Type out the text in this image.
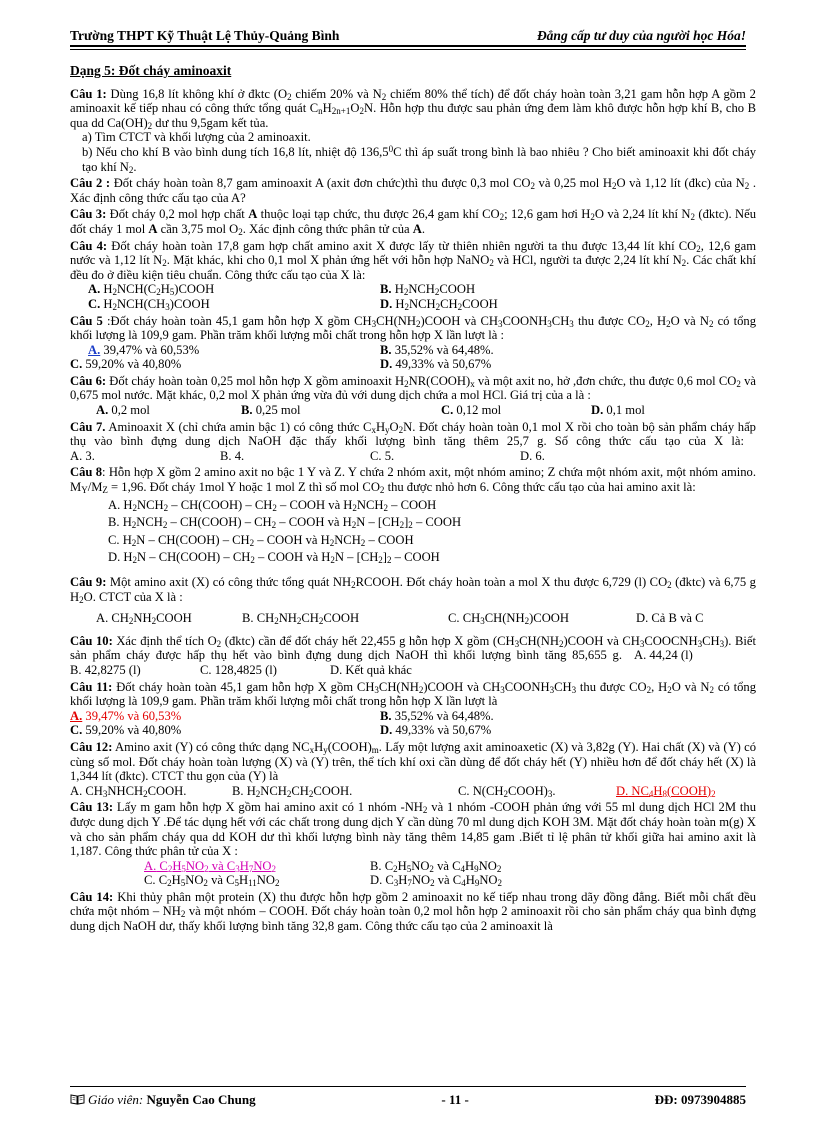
Trường THPT Kỹ Thuật Lệ Thủy-Quảng Bình	Đẳng cấp tư duy của người học Hóa!

Dạng 5: Đốt cháy aminoaxit

Câu 1: Dùng 16,8 lít không khí ở đktc ($O_2$ chiếm 20% và $N_2$ chiếm 80% thể tích) để đốt cháy hoàn toàn 3,21 gam hỗn hợp A gồm 2 aminoaxit kế tiếp nhau có công thức tổng quát $C_nH_{2n+1}O_2N$. Hỗn hợp thu được sau phản ứng đem làm khô được hỗn hợp khí B, cho B qua dd $Ca(OH)_2$ dư thu 9,5gam kết tủa.

a) Tìm CTCT và khối lượng của 2 aminoaxit.

b) Nếu cho khí B vào bình dung tích 16,8 lít, nhiệt độ 136,5$^0$C thì áp suất trong bình là bao nhiêu ? Cho biết aminoaxit khi đốt cháy tạo khí $N_2$.

Câu 2 : Đốt cháy hoàn toàn 8,7 gam aminoaxit A (axit đơn chức)thì thu được 0,3 mol $CO_2$ và 0,25 mol $H_2O$ và 1,12 lít (đkc) của $N_2$ . Xác định công thức cấu tạo của A?

Câu 3: Đốt cháy 0,2 mol hợp chất A thuộc loại tạp chức, thu được 26,4 gam khí $CO_2$; 12,6 gam hơi $H_2O$ và 2,24 lít khí $N_2$ (đktc). Nếu đốt cháy 1 mol A cần 3,75 mol $O_2$. Xác định công thức phân tử của A.

Câu 4: Đốt cháy hoàn toàn 17,8 gam hợp chất amino axit X được lấy từ thiên nhiên người ta thu được 13,44 lít khí $CO_2$, 12,6 gam nước và 1,12 lít $N_2$. Mặt khác, khi cho 0,1 mol X phản ứng hết với hỗn hợp NaNO$_2$ và HCl, người ta được 2,24 lít khí $N_2$. Các chất khí đều đo ở điều kiện tiêu chuẩn. Công thức cấu tạo của X là:

A. $H_2NCH(C_2H_5)COOH$	B. $H_2NCH_2COOH$
C. $H_2NCH(CH_3)COOH$	D. $H_2NCH_2CH_2COOH$

Câu 5 :Đốt cháy hoàn toàn 45,1 gam hỗn hợp X gồm $CH_3CH(NH_2)COOH$ và $CH_3COONH_3CH_3$ thu được $CO_2$, $H_2O$ và $N_2$ có tổng khối lượng là 109,9 gam. Phần trăm khối lượng mỗi chất trong hỗn hợp X lần lượt là :

A. 39,47% và 60,53%	B. 35,52% và 64,48%.
C. 59,20% và 40,80%	D. 49,33% và 50,67%

Câu 6: Đốt cháy hoàn toàn 0,25 mol hỗn hợp X gồm aminoaxit $H_2NR(COOH)_x$ và một axit no, hở ,đơn chức, thu được 0,6 mol $CO_2$ và 0,675 mol nước. Mặt khác, 0,2 mol X phản ứng vừa đủ với dung dịch chứa a mol HCl. Giá trị của a là :

A. 0,2 mol	B. 0,25 mol	C. 0,12 mol	D. 0,1 mol

Câu 7. Aminoaxit X (chỉ chứa amin bậc 1) có công thức $C_xH_yO_2N$. Đốt cháy hoàn toàn 0,1 mol X rồi cho toàn bộ sản phẩm cháy hấp thụ vào bình đựng dung dịch NaOH đặc thấy khối lượng bình tăng thêm 25,7 g. Số công thức cấu tạo của X là:A. 3.	B. 4.	C. 5.	D. 6.

Câu 8: Hỗn hợp X gồm 2 amino axit no bậc 1 Y và Z. Y chứa 2 nhóm axit, một nhóm amino; Z chứa một nhóm axit, một nhóm amino. $M_Y/M_Z = 1,96$. Đốt cháy 1mol Y hoặc 1 mol Z thì số mol $CO_2$ thu được nhỏ hơn 6. Công thức cấu tạo của hai amino axit là:

A. $H_2NCH_2$ – CH(COOH) – $CH_2$ – COOH và $H_2NCH_2$ – COOH

B. $H_2NCH_2$ – CH(COOH) – $CH_2$ – COOH và $H_2N - [CH_2]_2$ – COOH

C. $H_2N$ – CH(COOH) – $CH_2$ – COOH và $H_2NCH_2$ – COOH

D. $H_2N$ – CH(COOH) – $CH_2$ – COOH và $H_2N - [CH_2]_2$ – COOH

Câu 9: Một amino axit (X) có công thức tổng quát $NH_2RCOOH$. Đốt cháy hoàn toàn a mol X thu được 6,729 (l) $CO_2$ (đktc) và 6,75 g $H_2O$. CTCT của X là :

A. $CH_2NH_2COOH$	B. $CH_2NH_2CH_2COOH$	C. $CH_3CH(NH_2)COOH$	D. Cả B và C

Câu 10: Xác định thể tích $O_2$ (đktc) cần để đốt cháy hết 22,455 g hỗn hợp X gồm ($CH_3CH(NH_2)COOH$ và $CH_3COOCNH_3CH_3$). Biết sản phẩm cháy được hấp thụ hết vào bình đựng dung dịch NaOH thì khối lượng bình tăng 85,655 g. A. 44,24 (l)B. 42,8275 (l)	C. 128,4825 (l)	D. Kết quả khác

Câu 11: Đốt cháy hoàn toàn 45,1 gam hỗn hợp X gồm $CH_3CH(NH_2)COOH$ và $CH_3COONH_3CH_3$ thu được $CO_2$, $H_2O$ và $N_2$ có tổng khối lượng là 109,9 gam. Phần trăm khối lượng mỗi chất trong hỗn hợp X lần lượt là

A. 39,47% và 60,53%	B. 35,52% và 64,48%.
C. 59,20% và 40,80%	D. 49,33% và 50,67%

Câu 12: Amino axit (Y) có công thức dạng $NC_xH_y(COOH)_m$. Lấy một lượng axit aminoaxetic (X) và 3,82g (Y). Hai chất (X) và (Y) có cùng số mol. Đốt cháy hoàn toàn lượng (X) và (Y) trên, thể tích khí oxi cần dùng để đốt cháy hết (Y) nhiều hơn để đốt cháy hết (X) là 1,344 lít (đktc). CTCT thu gọn của (Y) là

A. $CH_3NHCH_2COOH$.	B. $H_2NCH_2CH_2COOH$.	C. $N(CH_2COOH)_3$.	D. $NC_4H_8(COOH)_2$

Câu 13: Lấy m gam hỗn hợp X gồm hai amino axit có 1 nhóm $-NH_2$ và 1 nhóm -COOH phản ứng với 55 ml dung dịch HCl 2M thu được dung dịch Y .Để tác dụng hết với các chất trong dung dịch Y cần dùng 70 ml dung dịch KOH 3M. Mặt đốt cháy hoàn toàn m(g) X và cho sản phẩm cháy qua dd KOH dư thì khối lượng bình này tăng thêm 14,85 gam .Biết tỉ lệ phân tử khối giữa hai amino axit là 1,187. Công thức phân tử của X :

A. $C_2H_5NO_2$ và $C_3H_7NO_2$	B. $C_2H_5NO_2$ và $C_4H_9NO_2$
C. $C_2H_5NO_2$ và $C_5H_{11}NO_2$	D. $C_3H_7NO_2$ và $C_4H_9NO_2$

Câu 14: Khi thủy phân một protein (X) thu được hỗn hợp gồm 2 aminoaxit no kế tiếp nhau trong dãy đồng đẳng. Biết mỗi chất đều chứa một nhóm – $NH_2$ và một nhóm – COOH. Đốt cháy hoàn toàn 0,2 mol hỗn hợp 2 aminoaxit rồi cho sản phẩm cháy qua bình đựng dung dịch NaOH dư, thấy khối lượng bình tăng 32,8 gam. Công thức cấu tạo của 2 aminoaxit là

Giáo viên: Nguyễn Cao Chung	- 11 -	ĐĐ: 0973904885
